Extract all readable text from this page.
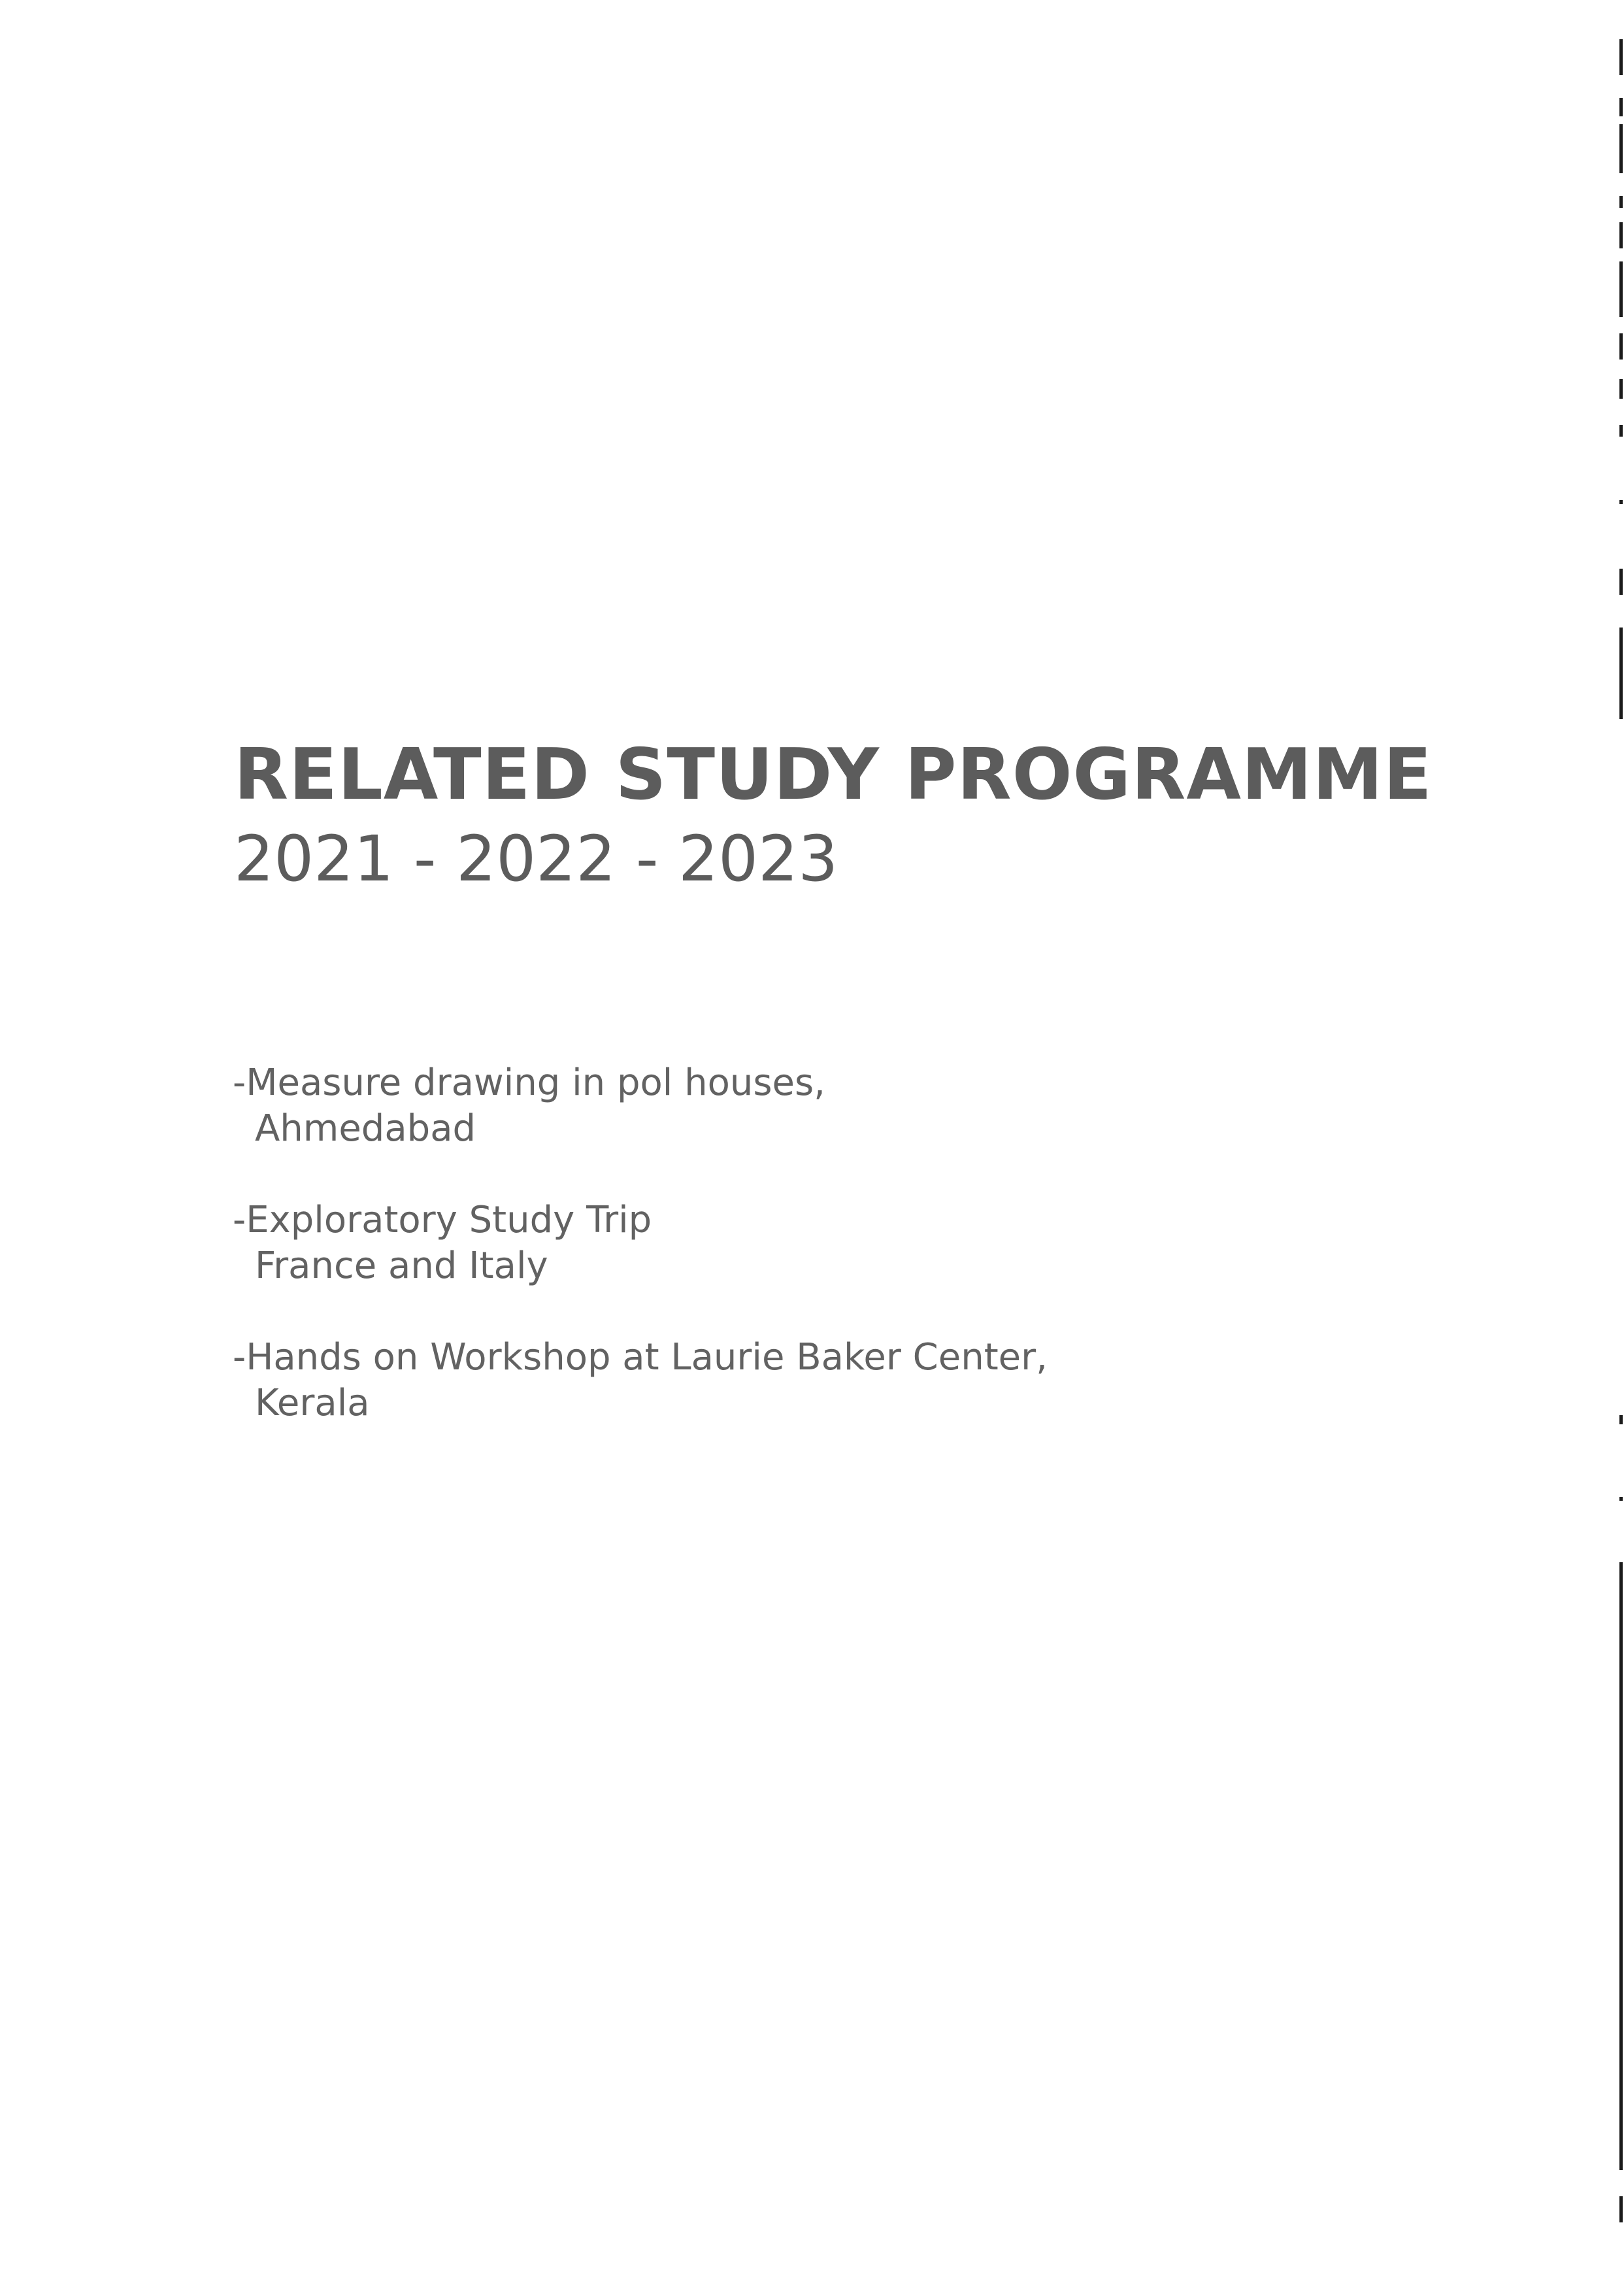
RELATED STUDY PROGRAMME
2021 - 2022 - 2023
-Measure drawing in pol houses,
Ahmedabad
-Exploratory Study Trip
France and Italy
-Hands on Workshop at Laurie Baker Center,
Kerala
